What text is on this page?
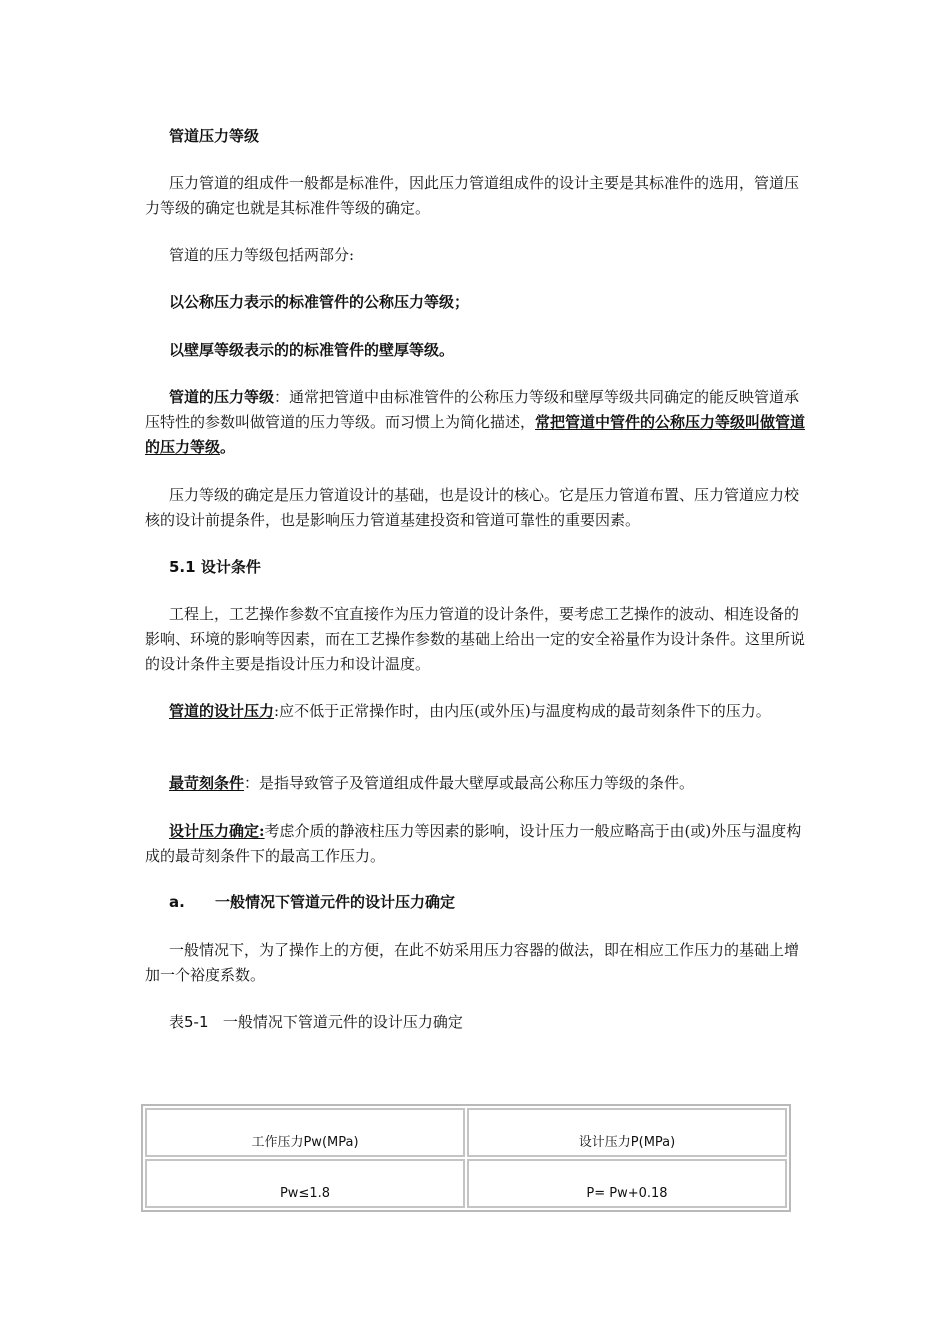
管道压力等级

压力管道的组成件一般都是标准件，因此压力管道组成件的设计主要是其标准件的选用，管道压力等级的确定也就是其标准件等级的确定。

管道的压力等级包括两部分:

以公称压力表示的标准管件的公称压力等级；

以壁厚等级表示的的标准管件的壁厚等级。

管道的压力等级：通常把管道中由标准管件的公称压力等级和壁厚等级共同确定的能反映管道承压特性的参数叫做管道的压力等级。而习惯上为简化描述，常把管道中管件的公称压力等级叫做管道的压力等级。

压力等级的确定是压力管道设计的基础，也是设计的核心。它是压力管道布置、压力管道应力校核的设计前提条件，也是影响压力管道基建投资和管道可靠性的重要因素。

5.1 设计条件

工程上，工艺操作参数不宜直接作为压力管道的设计条件，要考虑工艺操作的波动、相连设备的影响、环境的影响等因素，而在工艺操作参数的基础上给出一定的安全裕量作为设计条件。这里所说的设计条件主要是指设计压力和设计温度。

管道的设计压力:应不低于正常操作时，由内压(或外压)与温度构成的最苛刻条件下的压力。

最苛刻条件：是指导致管子及管道组成件最大壁厚或最高公称压力等级的条件。

设计压力确定:考虑介质的静液柱压力等因素的影响，设计压力一般应略高于由(或)外压与温度构成的最苛刻条件下的最高工作压力。

a. 一般情况下管道元件的设计压力确定

一般情况下，为了操作上的方便，在此不妨采用压力容器的做法，即在相应工作压力的基础上增加一个裕度系数。

表5-1 一般情况下管道元件的设计压力确定
工作压力Pw(MPa)	设计压力P(MPa)
Pw≤1.8	P= Pw+0.18
